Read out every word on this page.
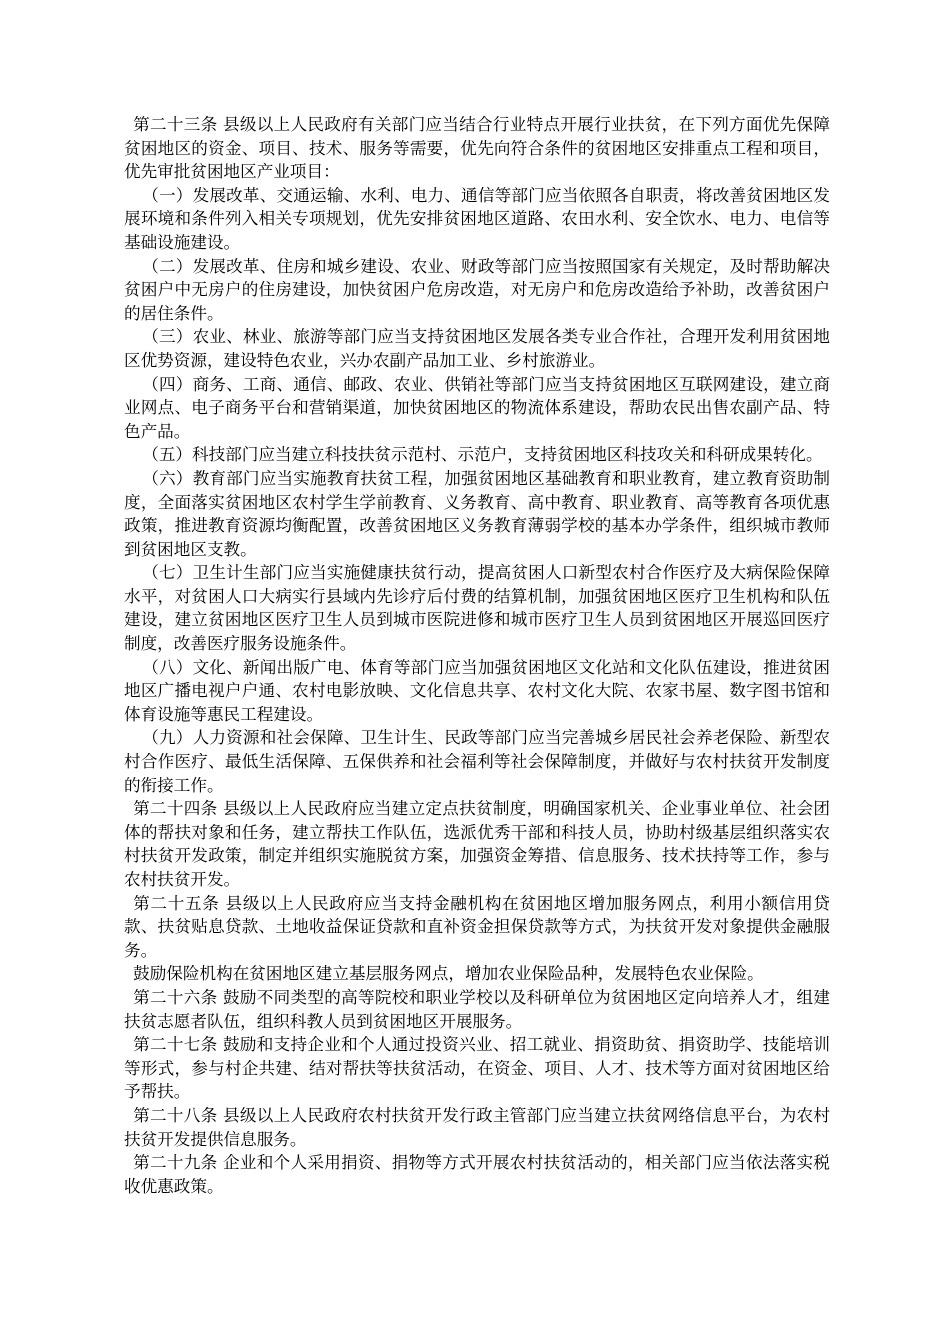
第二十三条 县级以上人民政府有关部门应当结合行业特点开展行业扶贫，在下列方面优先保障贫困地区的资金、项目、技术、服务等需要，优先向符合条件的贫困地区安排重点工程和项目，优先审批贫困地区产业项目：

（一）发展改革、交通运输、水利、电力、通信等部门应当依照各自职责，将改善贫困地区发展环境和条件列入相关专项规划，优先安排贫困地区道路、农田水利、安全饮水、电力、电信等基础设施建设。

（二）发展改革、住房和城乡建设、农业、财政等部门应当按照国家有关规定，及时帮助解决贫困户中无房户的住房建设，加快贫困户危房改造，对无房户和危房改造给予补助，改善贫困户的居住条件。

（三）农业、林业、旅游等部门应当支持贫困地区发展各类专业合作社，合理开发利用贫困地区优势资源，建设特色农业，兴办农副产品加工业、乡村旅游业。

（四）商务、工商、通信、邮政、农业、供销社等部门应当支持贫困地区互联网建设，建立商业网点、电子商务平台和营销渠道，加快贫困地区的物流体系建设，帮助农民出售农副产品、特色产品。

（五）科技部门应当建立科技扶贫示范村、示范户，支持贫困地区科技攻关和科研成果转化。

（六）教育部门应当实施教育扶贫工程，加强贫困地区基础教育和职业教育，建立教育资助制度，全面落实贫困地区农村学生学前教育、义务教育、高中教育、职业教育、高等教育各项优惠政策，推进教育资源均衡配置，改善贫困地区义务教育薄弱学校的基本办学条件，组织城市教师到贫困地区支教。

（七）卫生计生部门应当实施健康扶贫行动，提高贫困人口新型农村合作医疗及大病保险保障水平，对贫困人口大病实行县域内先诊疗后付费的结算机制，加强贫困地区医疗卫生机构和队伍建设，建立贫困地区医疗卫生人员到城市医院进修和城市医疗卫生人员到贫困地区开展巡回医疗制度，改善医疗服务设施条件。

（八）文化、新闻出版广电、体育等部门应当加强贫困地区文化站和文化队伍建设，推进贫困地区广播电视户户通、农村电影放映、文化信息共享、农村文化大院、农家书屋、数字图书馆和体育设施等惠民工程建设。

（九）人力资源和社会保障、卫生计生、民政等部门应当完善城乡居民社会养老保险、新型农村合作医疗、最低生活保障、五保供养和社会福利等社会保障制度，并做好与农村扶贫开发制度的衔接工作。

第二十四条 县级以上人民政府应当建立定点扶贫制度，明确国家机关、企业事业单位、社会团体的帮扶对象和任务，建立帮扶工作队伍，选派优秀干部和科技人员，协助村级基层组织落实农村扶贫开发政策，制定并组织实施脱贫方案，加强资金筹措、信息服务、技术扶持等工作，参与农村扶贫开发。

第二十五条 县级以上人民政府应当支持金融机构在贫困地区增加服务网点，利用小额信用贷款、扶贫贴息贷款、土地收益保证贷款和直补资金担保贷款等方式，为扶贫开发对象提供金融服务。

鼓励保险机构在贫困地区建立基层服务网点，增加农业保险品种，发展特色农业保险。

第二十六条 鼓励不同类型的高等院校和职业学校以及科研单位为贫困地区定向培养人才，组建扶贫志愿者队伍，组织科教人员到贫困地区开展服务。

第二十七条 鼓励和支持企业和个人通过投资兴业、招工就业、捐资助贫、捐资助学、技能培训等形式，参与村企共建、结对帮扶等扶贫活动，在资金、项目、人才、技术等方面对贫困地区给予帮扶。

第二十八条 县级以上人民政府农村扶贫开发行政主管部门应当建立扶贫网络信息平台，为农村扶贫开发提供信息服务。

第二十九条 企业和个人采用捐资、捐物等方式开展农村扶贫活动的，相关部门应当依法落实税收优惠政策。
